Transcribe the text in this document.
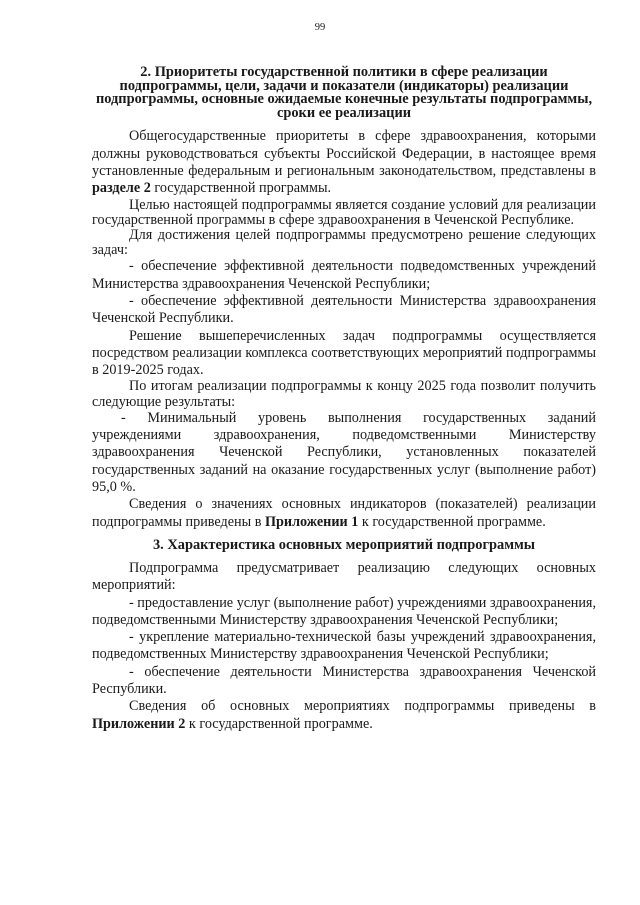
99
2. Приоритеты государственной политики в сфере реализации подпрограммы, цели, задачи и показатели (индикаторы) реализации подпрограммы, основные ожидаемые конечные результаты подпрограммы, сроки ее реализации

Общегосударственные приоритеты в сфере здравоохранения, которыми должны руководствоваться субъекты Российской Федерации, в настоящее время установленные федеральным и региональным законодательством, представлены в разделе 2 государственной программы.

Целью настоящей подпрограммы является создание условий для реализации государственной программы в сфере здравоохранения в Чеченской Республике.

Для достижения целей подпрограммы предусмотрено решение следующих задач:

- обеспечение эффективной деятельности подведомственных учреждений Министерства здравоохранения Чеченской Республики;

- обеспечение эффективной деятельности Министерства здравоохранения Чеченской Республики.

Решение вышеперечисленных задач подпрограммы осуществляется посредством реализации комплекса соответствующих мероприятий подпрограммы в 2019-2025 годах.

По итогам реализации подпрограммы к концу 2025 года позволит получить следующие результаты:

- Минимальный уровень выполнения государственных заданий учреждениями здравоохранения, подведомственными Министерству здравоохранения Чеченской Республики, установленных показателей государственных заданий на оказание государственных услуг (выполнение работ) 95,0 %.

Сведения о значениях основных индикаторов (показателей) реализации подпрограммы приведены в Приложении 1 к государственной программе.

3. Характеристика основных мероприятий подпрограммы

Подпрограмма предусматривает реализацию следующих основных мероприятий:

- предоставление услуг (выполнение работ) учреждениями здравоохранения, подведомственными Министерству здравоохранения Чеченской Республики;

- укрепление материально-технической базы учреждений здравоохранения, подведомственных Министерству здравоохранения Чеченской Республики;

- обеспечение деятельности Министерства здравоохранения Чеченской Республики.

Сведения об основных мероприятиях подпрограммы приведены в Приложении 2 к государственной программе.
